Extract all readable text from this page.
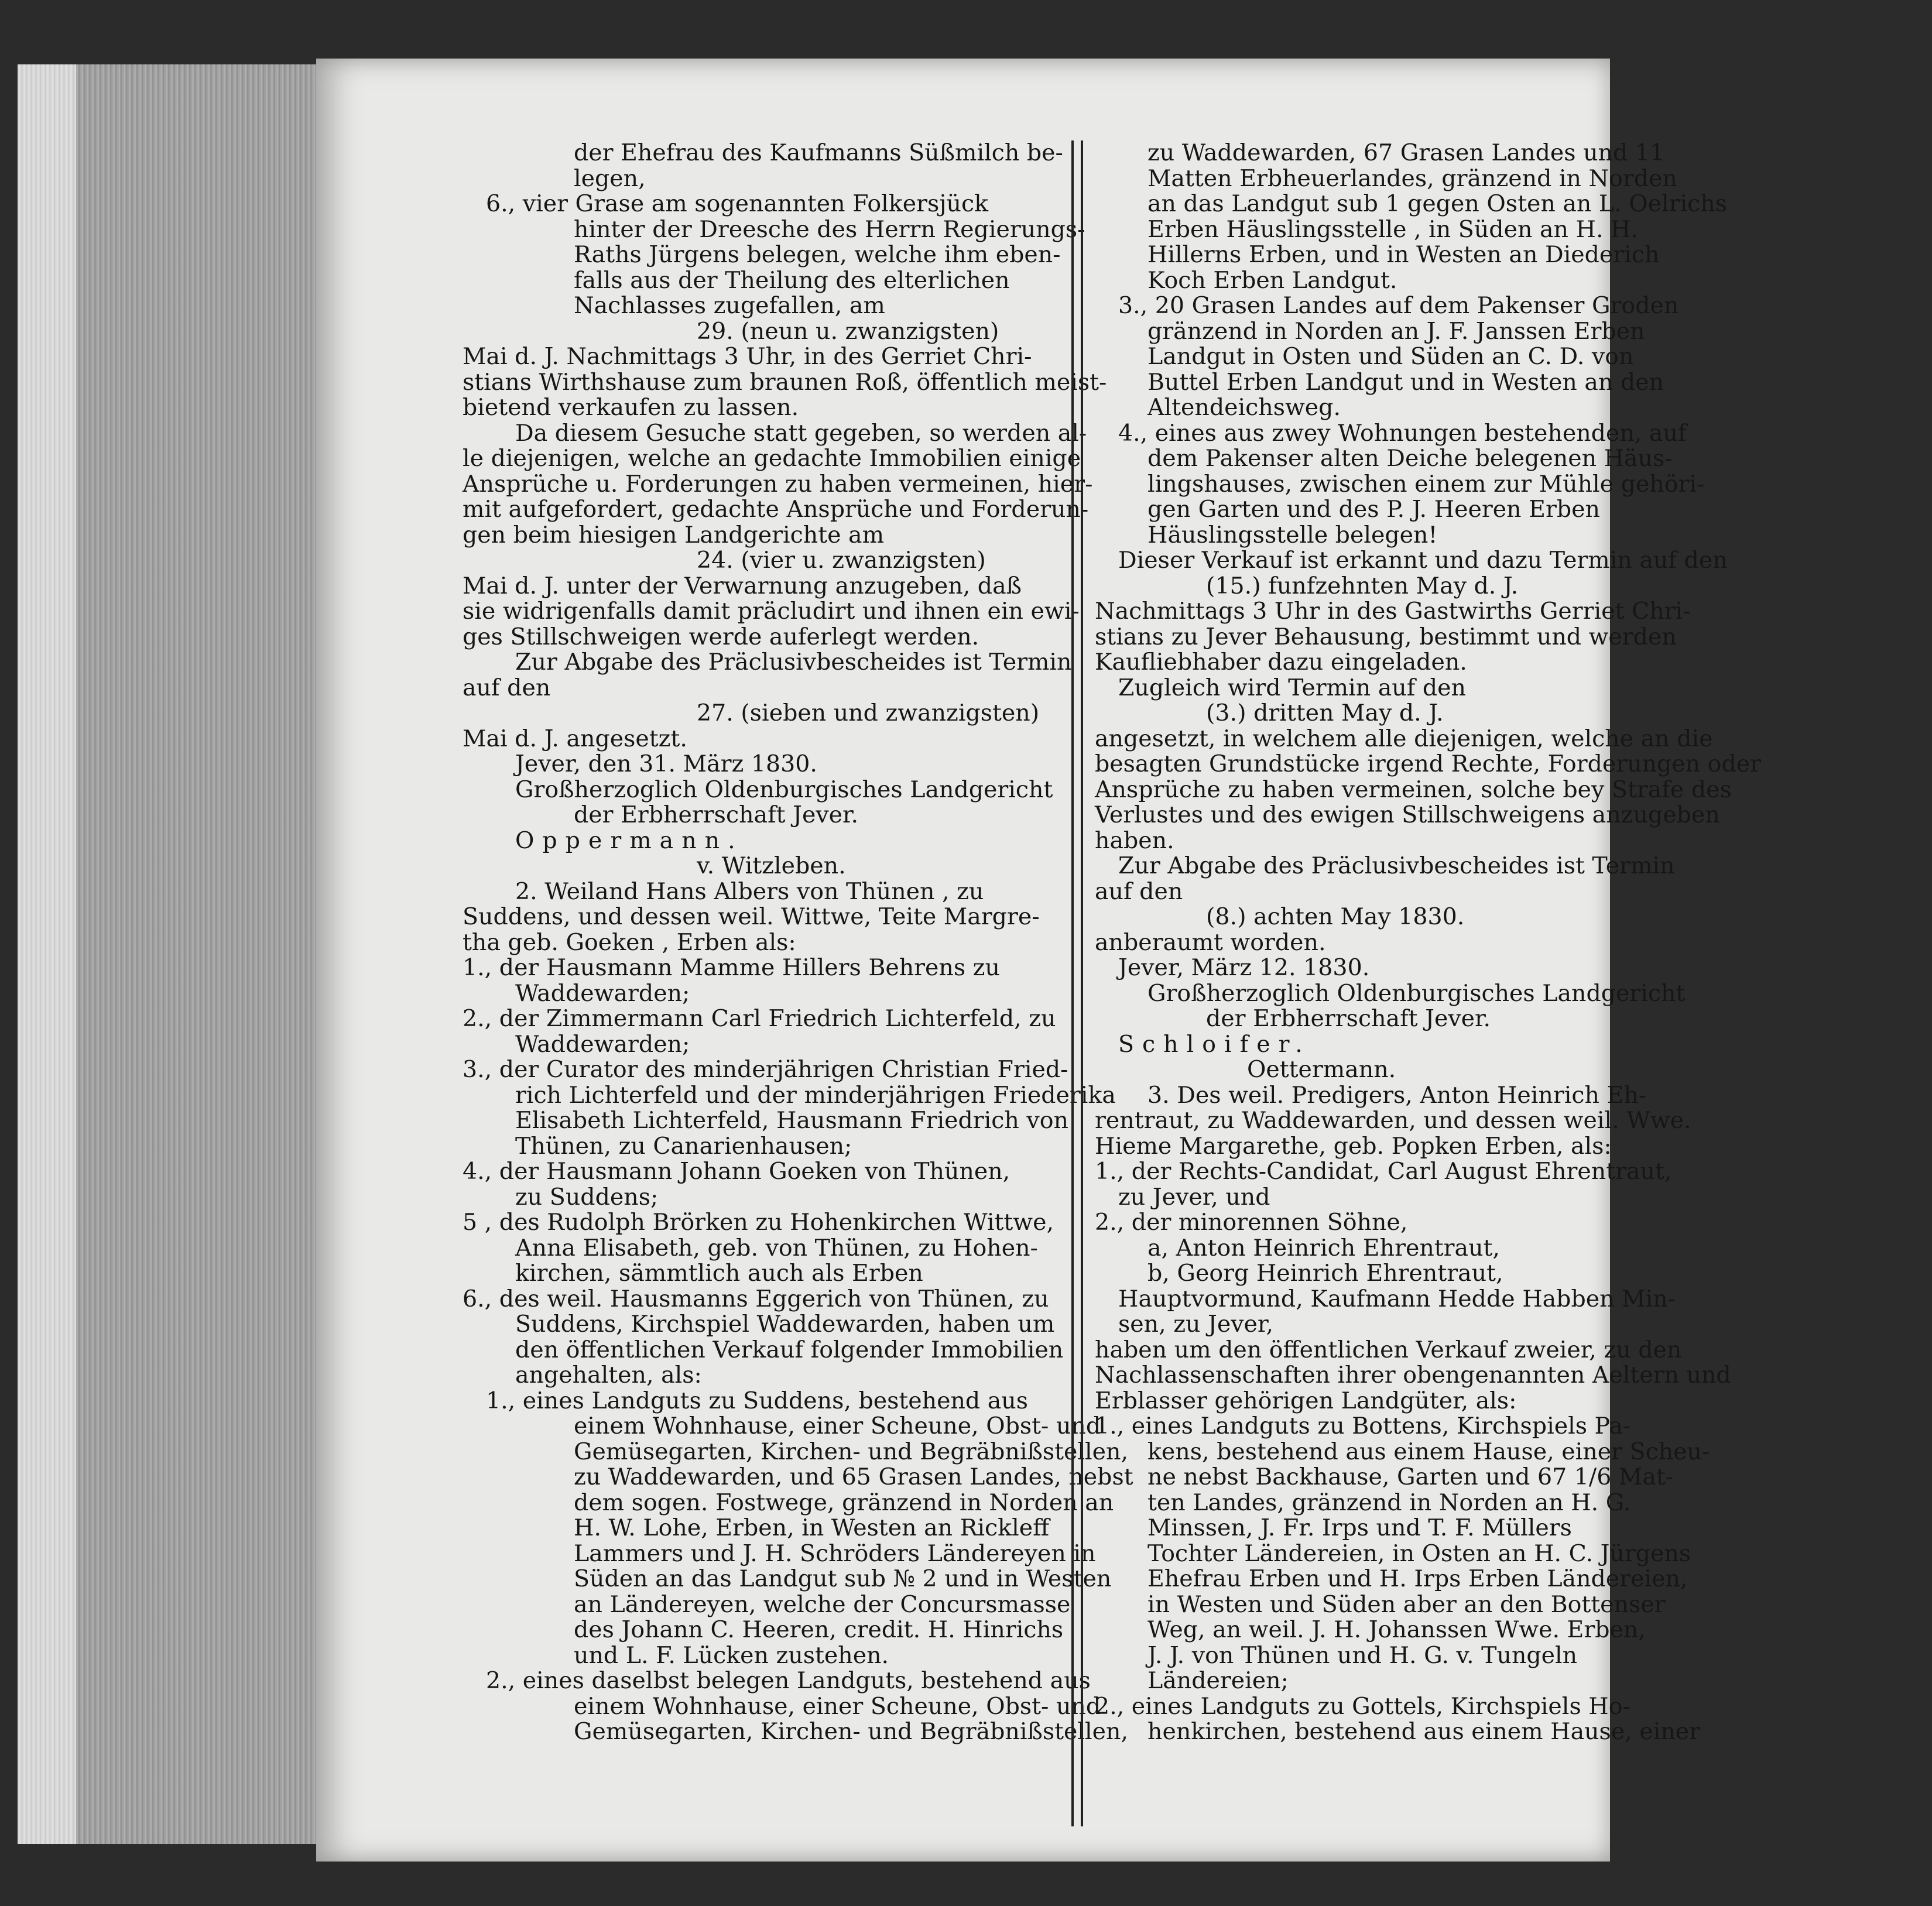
der Ehefrau des Kaufmanns Süßmilch be-
legen,
6., vier Grase am sogenannten Folkersjück
hinter der Dreesche des Herrn Regierungs-
Raths Jürgens belegen, welche ihm eben-
falls aus der Theilung des elterlichen
Nachlasses zugefallen, am
29. (neun u. zwanzigsten)
Mai d. J. Nachmittags 3 Uhr, in des Gerriet Chri-
stians Wirthshause zum braunen Roß, öffentlich meist-
bietend verkaufen zu lassen.
Da diesem Gesuche statt gegeben, so werden al-
le diejenigen, welche an gedachte Immobilien einige
Ansprüche u. Forderungen zu haben vermeinen, hier-
mit aufgefordert, gedachte Ansprüche und Forderun-
gen beim hiesigen Landgerichte am
24. (vier u. zwanzigsten)
Mai d. J. unter der Verwarnung anzugeben, daß
sie widrigenfalls damit präcludirt und ihnen ein ewi-
ges Stillschweigen werde auferlegt werden.
Zur Abgabe des Präclusivbescheides ist Termin
auf den
27. (sieben und zwanzigsten)
Mai d. J. angesetzt.
Jever, den 31. März 1830.
Großherzoglich Oldenburgisches Landgericht
der Erbherrschaft Jever.
Oppermann.
v. Witzleben.
2. Weiland Hans Albers von Thünen , zu
Suddens, und dessen weil. Wittwe, Teite Margre-
tha geb. Goeken , Erben als:
1., der Hausmann Mamme Hillers Behrens zu
Waddewarden;
2., der Zimmermann Carl Friedrich Lichterfeld, zu
Waddewarden;
3., der Curator des minderjährigen Christian Fried-
rich Lichterfeld und der minderjährigen Friederika
Elisabeth Lichterfeld, Hausmann Friedrich von
Thünen, zu Canarienhausen;
4., der Hausmann Johann Goeken von Thünen,
zu Suddens;
5 , des Rudolph Brörken zu Hohenkirchen Wittwe,
Anna Elisabeth, geb. von Thünen, zu Hohen-
kirchen, sämmtlich auch als Erben
6., des weil. Hausmanns Eggerich von Thünen, zu
Suddens, Kirchspiel Waddewarden, haben um
den öffentlichen Verkauf folgender Immobilien
angehalten, als:
1., eines Landguts zu Suddens, bestehend aus
einem Wohnhause, einer Scheune, Obst- und
Gemüsegarten, Kirchen- und Begräbnißstellen,
zu Waddewarden, und 65 Grasen Landes, nebst
dem sogen. Fostwege, gränzend in Norden an
H. W. Lohe, Erben, in Westen an Rickleff
Lammers und J. H. Schröders Ländereyen in
Süden an das Landgut sub № 2 und in Westen
an Ländereyen, welche der Concursmasse
des Johann C. Heeren, credit. H. Hinrichs
und L. F. Lücken zustehen.
2., eines daselbst belegen Landguts, bestehend aus
einem Wohnhause, einer Scheune, Obst- und
Gemüsegarten, Kirchen- und Begräbnißstellen,
zu Waddewarden, 67 Grasen Landes und 11
Matten Erbheuerlandes, gränzend in Norden
an das Landgut sub 1 gegen Osten an L. Oelrichs
Erben Häuslingsstelle , in Süden an H. H.
Hillerns Erben, und in Westen an Diederich
Koch Erben Landgut.
3., 20 Grasen Landes auf dem Pakenser Groden
gränzend in Norden an J. F. Janssen Erben
Landgut in Osten und Süden an C. D. von
Buttel Erben Landgut und in Westen an den
Altendeichsweg.
4., eines aus zwey Wohnungen bestehenden, auf
dem Pakenser alten Deiche belegenen Häus-
lingshauses, zwischen einem zur Mühle gehöri-
gen Garten und des P. J. Heeren Erben
Häuslingsstelle belegen!
Dieser Verkauf ist erkannt und dazu Termin auf den
(15.) funfzehnten May d. J.
Nachmittags 3 Uhr in des Gastwirths Gerriet Chri-
stians zu Jever Behausung, bestimmt und werden
Kaufliebhaber dazu eingeladen.
Zugleich wird Termin auf den
(3.) dritten May d. J.
angesetzt, in welchem alle diejenigen, welche an die
besagten Grundstücke irgend Rechte, Forderungen oder
Ansprüche zu haben vermeinen, solche bey Strafe des
Verlustes und des ewigen Stillschweigens anzugeben
haben.
Zur Abgabe des Präclusivbescheides ist Termin
auf den
(8.) achten May 1830.
anberaumt worden.
Jever, März 12. 1830.
Großherzoglich Oldenburgisches Landgericht
der Erbherrschaft Jever.
Schloifer.
Oettermann.
3. Des weil. Predigers, Anton Heinrich Eh-
rentraut, zu Waddewarden, und dessen weil. Wwe.
Hieme Margarethe, geb. Popken Erben, als:
1., der Rechts-Candidat, Carl August Ehrentraut,
zu Jever, und
2., der minorennen Söhne,
a, Anton Heinrich Ehrentraut,
b, Georg Heinrich Ehrentraut,
Hauptvormund, Kaufmann Hedde Habben Min-
sen, zu Jever,
haben um den öffentlichen Verkauf zweier, zu den
Nachlassenschaften ihrer obengenannten Aeltern und
Erblasser gehörigen Landgüter, als:
1., eines Landguts zu Bottens, Kirchspiels Pa-
kens, bestehend aus einem Hause, einer Scheu-
ne nebst Backhause, Garten und 67 1/6 Mat-
ten Landes, gränzend in Norden an H. G.
Minssen, J. Fr. Irps und T. F. Müllers
Tochter Ländereien, in Osten an H. C. Jürgens
Ehefrau Erben und H. Irps Erben Ländereien,
in Westen und Süden aber an den Bottenser
Weg, an weil. J. H. Johanssen Wwe. Erben,
J. J. von Thünen und H. G. v. Tungeln
Ländereien;
2., eines Landguts zu Gottels, Kirchspiels Ho-
henkirchen, bestehend aus einem Hause, einer
